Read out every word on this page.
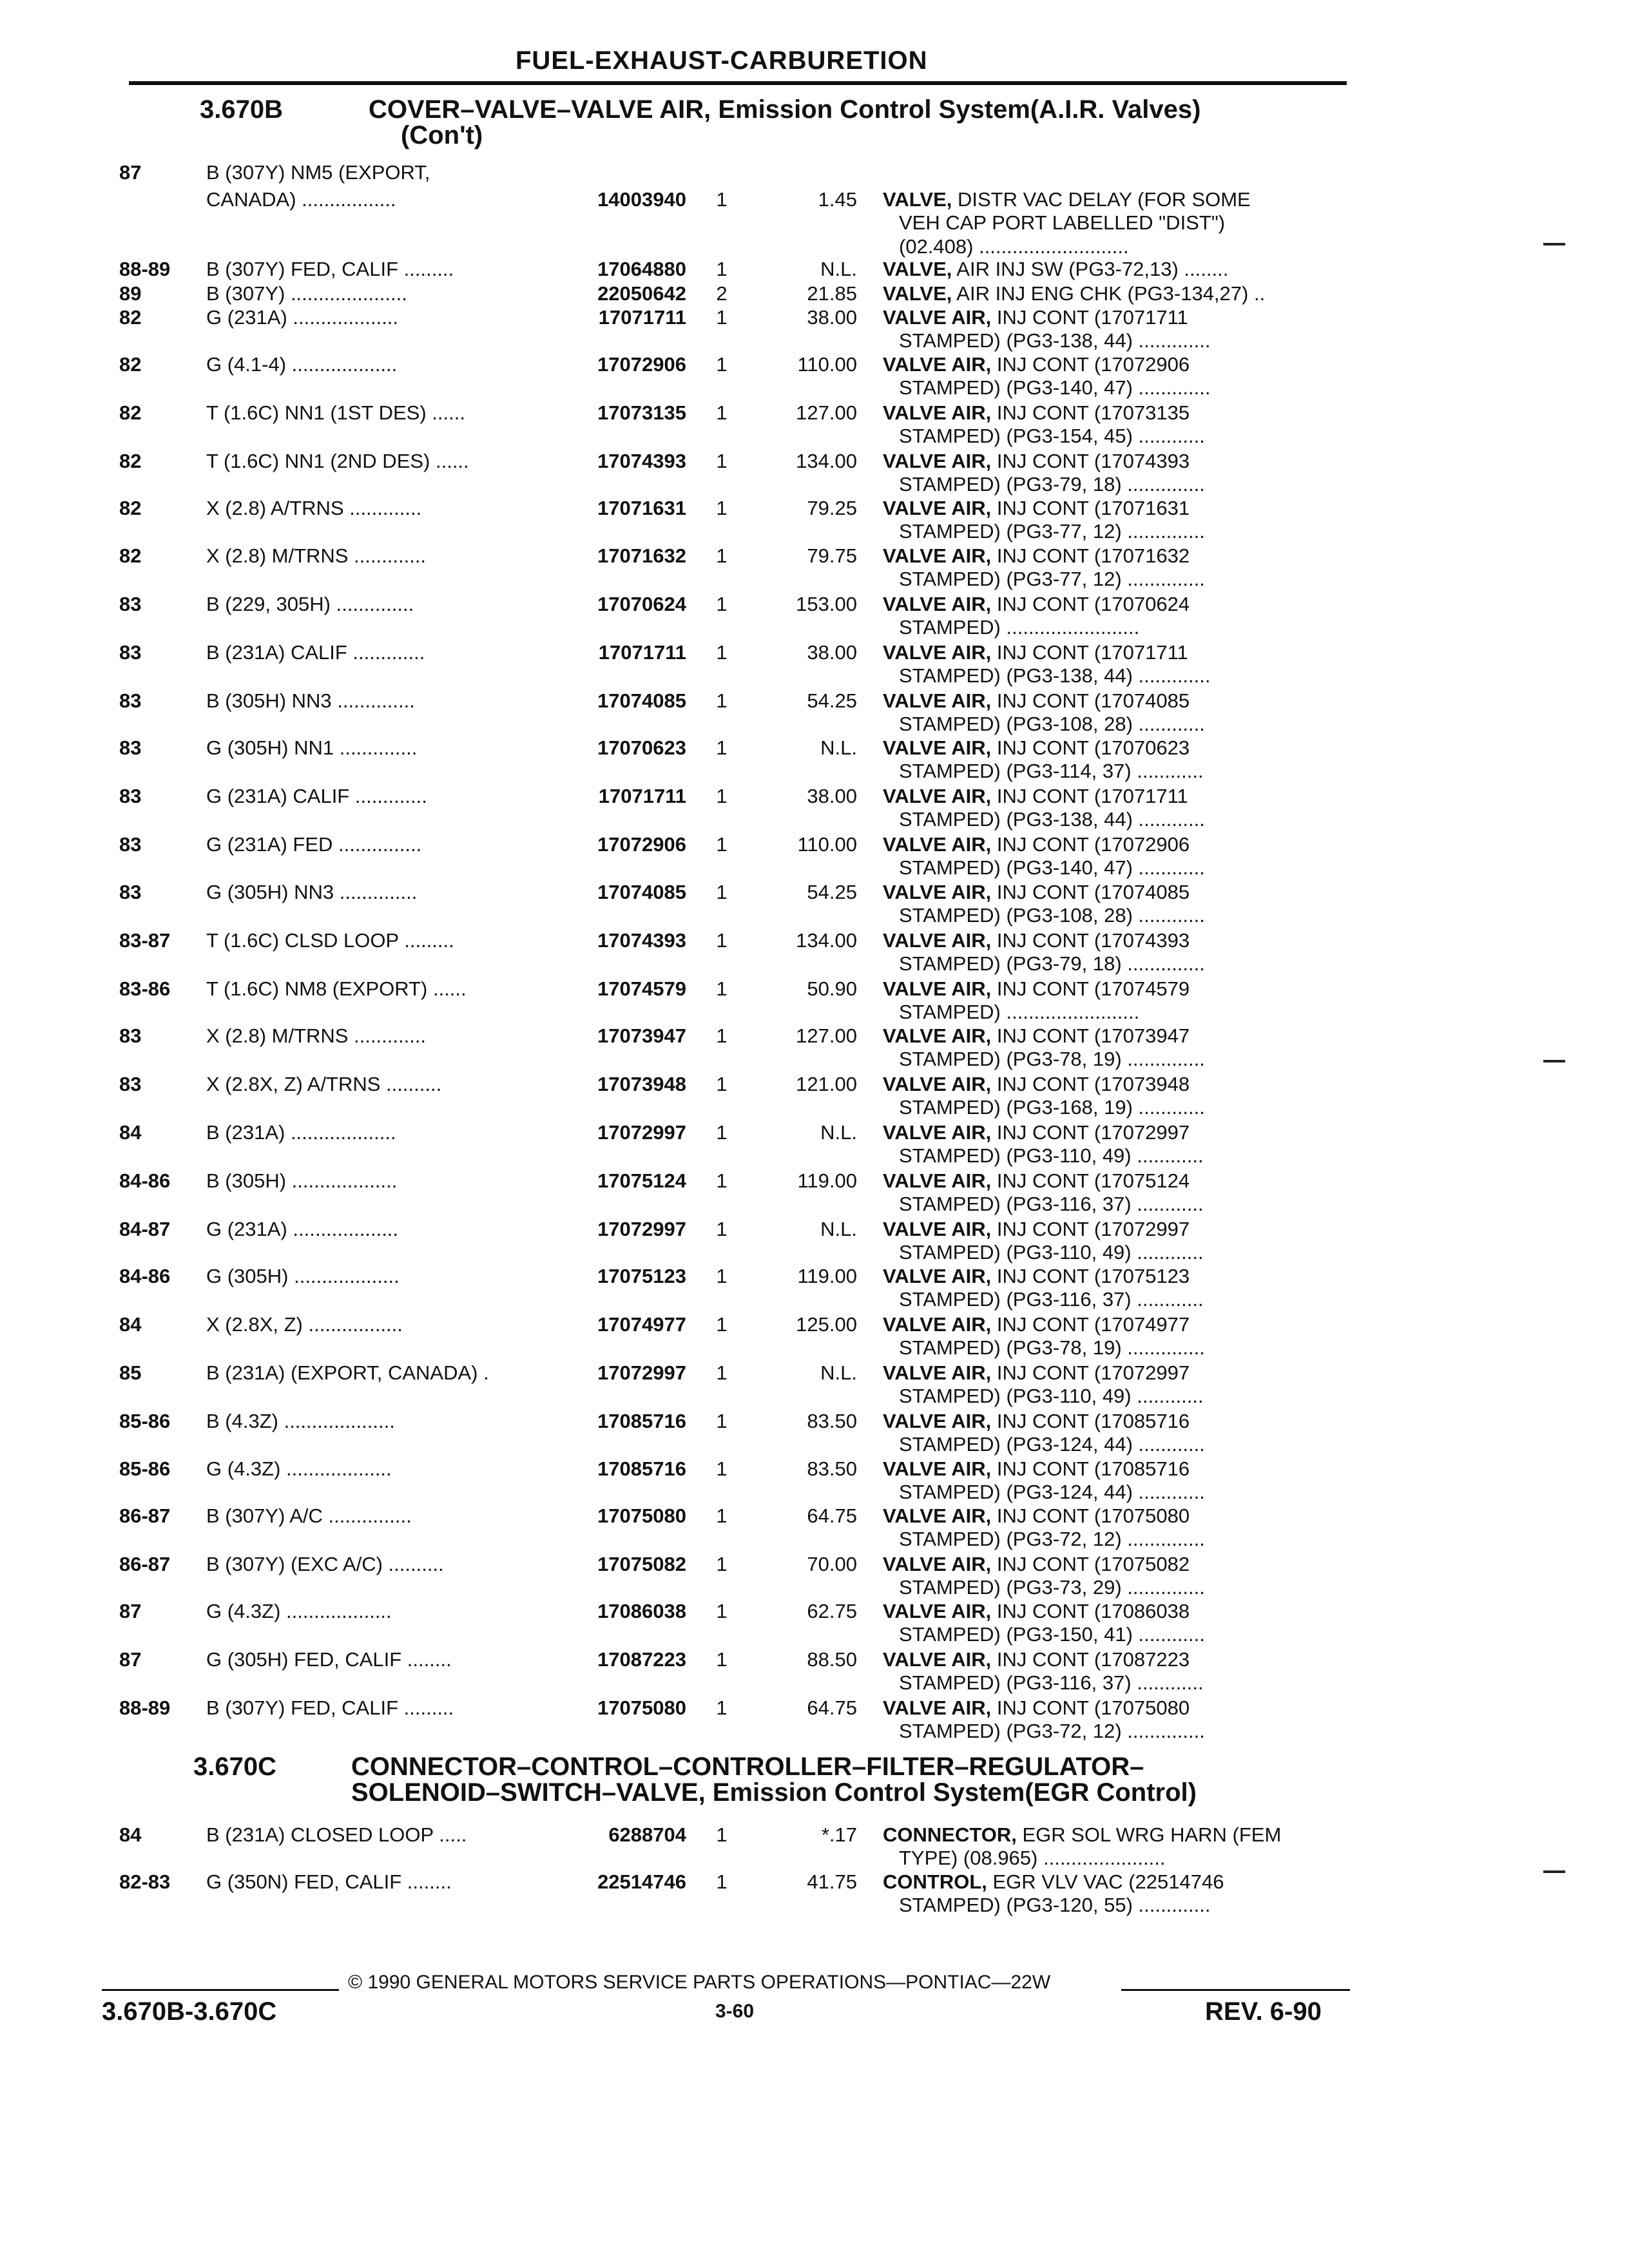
FUEL-EXHAUST-CARBURETION
3.670B	COVER–VALVE–VALVE AIR, Emission Control System(A.I.R. Valves)
(Con't)
87	B (307Y) NM5 (EXPORT,
CANADA) .................	14003940	1	1.45 VALVE, DISTR VAC DELAY (FOR SOME
VEH CAP PORT LABELLED "DIST")
(02.408) ...........................
88-89	B (307Y) FED, CALIF .........	17064880	1	N.L. VALVE, AIR INJ SW (PG3-72,13) ........
89	B (307Y) .....................	22050642	2	21.85 VALVE, AIR INJ ENG CHK (PG3-134,27) ..
82	G (231A) ...................	17071711	1	38.00 VALVE AIR, INJ CONT (17071711
STAMPED) (PG3-138, 44) .............
82	G (4.1-4) ...................	17072906	1	110.00 VALVE AIR, INJ CONT (17072906
STAMPED) (PG3-140, 47) .............
82	T (1.6C) NN1 (1ST DES) ......	17073135	1	127.00 VALVE AIR, INJ CONT (17073135
STAMPED) (PG3-154, 45) ............
82	T (1.6C) NN1 (2ND DES) ......	17074393	1	134.00 VALVE AIR, INJ CONT (17074393
STAMPED) (PG3-79, 18) ..............
82	X (2.8) A/TRNS .............	17071631	1	79.25 VALVE AIR, INJ CONT (17071631
STAMPED) (PG3-77, 12) ..............
82	X (2.8) M/TRNS .............	17071632	1	79.75 VALVE AIR, INJ CONT (17071632
STAMPED) (PG3-77, 12) ..............
83	B (229, 305H) ..............	17070624	1	153.00 VALVE AIR, INJ CONT (17070624
STAMPED) ........................
83	B (231A) CALIF .............	17071711	1	38.00 VALVE AIR, INJ CONT (17071711
STAMPED) (PG3-138, 44) .............
83	B (305H) NN3 ..............	17074085	1	54.25 VALVE AIR, INJ CONT (17074085
STAMPED) (PG3-108, 28) ............
83	G (305H) NN1 ..............	17070623	1	N.L. VALVE AIR, INJ CONT (17070623
STAMPED) (PG3-114, 37) ............
83	G (231A) CALIF .............	17071711	1	38.00 VALVE AIR, INJ CONT (17071711
STAMPED) (PG3-138, 44) ............
83	G (231A) FED ...............	17072906	1	110.00 VALVE AIR, INJ CONT (17072906
STAMPED) (PG3-140, 47) ............
83	G (305H) NN3 ..............	17074085	1	54.25 VALVE AIR, INJ CONT (17074085
STAMPED) (PG3-108, 28) ............
83-87	T (1.6C) CLSD LOOP .........	17074393	1	134.00 VALVE AIR, INJ CONT (17074393
STAMPED) (PG3-79, 18) ..............
83-86	T (1.6C) NM8 (EXPORT) ......	17074579	1	50.90 VALVE AIR, INJ CONT (17074579
STAMPED) ........................
83	X (2.8) M/TRNS .............	17073947	1	127.00 VALVE AIR, INJ CONT (17073947
STAMPED) (PG3-78, 19) ..............
83	X (2.8X, Z) A/TRNS ..........	17073948	1	121.00 VALVE AIR, INJ CONT (17073948
STAMPED) (PG3-168, 19) ............
84	B (231A) ...................	17072997	1	N.L. VALVE AIR, INJ CONT (17072997
STAMPED) (PG3-110, 49) ............
84-86	B (305H) ...................	17075124	1	119.00 VALVE AIR, INJ CONT (17075124
STAMPED) (PG3-116, 37) ............
84-87	G (231A) ...................	17072997	1	N.L. VALVE AIR, INJ CONT (17072997
STAMPED) (PG3-110, 49) ............
84-86	G (305H) ...................	17075123	1	119.00 VALVE AIR, INJ CONT (17075123
STAMPED) (PG3-116, 37) ............
84	X (2.8X, Z) .................	17074977	1	125.00 VALVE AIR, INJ CONT (17074977
STAMPED) (PG3-78, 19) ..............
85	B (231A) (EXPORT, CANADA) .	17072997	1	N.L. VALVE AIR, INJ CONT (17072997
STAMPED) (PG3-110, 49) ............
85-86	B (4.3Z) ....................	17085716	1	83.50 VALVE AIR, INJ CONT (17085716
STAMPED) (PG3-124, 44) ............
85-86	G (4.3Z) ...................	17085716	1	83.50 VALVE AIR, INJ CONT (17085716
STAMPED) (PG3-124, 44) ............
86-87	B (307Y) A/C ...............	17075080	1	64.75 VALVE AIR, INJ CONT (17075080
STAMPED) (PG3-72, 12) ..............
86-87	B (307Y) (EXC A/C) ..........	17075082	1	70.00 VALVE AIR, INJ CONT (17075082
STAMPED) (PG3-73, 29) ..............
87	G (4.3Z) ...................	17086038	1	62.75 VALVE AIR, INJ CONT (17086038
STAMPED) (PG3-150, 41) ............
87	G (305H) FED, CALIF ........	17087223	1	88.50 VALVE AIR, INJ CONT (17087223
STAMPED) (PG3-116, 37) ............
88-89	B (307Y) FED, CALIF .........	17075080	1	64.75 VALVE AIR, INJ CONT (17075080
STAMPED) (PG3-72, 12) ..............
3.670C	CONNECTOR–CONTROL–CONTROLLER–FILTER–REGULATOR–
SOLENOID–SWITCH–VALVE, Emission Control System(EGR Control)
84	B (231A) CLOSED LOOP .....	6288704	1	*.17 CONNECTOR, EGR SOL WRG HARN (FEM
TYPE) (08.965) ......................
82-83	G (350N) FED, CALIF ........	22514746	1	41.75 CONTROL, EGR VLV VAC (22514746
STAMPED) (PG3-120, 55) .............
© 1990 GENERAL MOTORS SERVICE PARTS OPERATIONS—PONTIAC—22W
3.670B-3.670C	3-60	REV. 6-90
